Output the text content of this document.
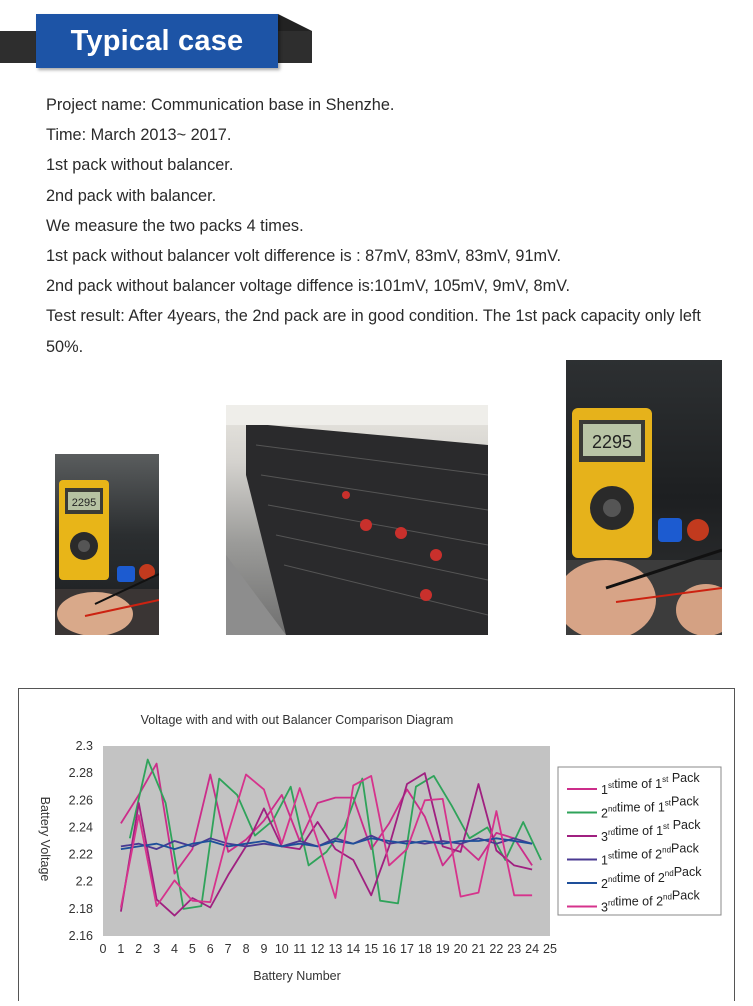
Typical case
Project name: Communication base in Shenzhe.
Time: March 2013~ 2017.
1st pack without balancer.
2nd pack with balancer.
We measure the two packs 4 times.
1st pack without balancer volt difference is : 87mV, 83mV, 83mV, 91mV.
2nd pack without balancer voltage diffence is:101mV, 105mV, 9mV, 8mV.
Test result: After 4years, the 2nd pack are in good condition. The 1st pack capacity only left 50%.
2295
2295
Voltage with and with out Balancer Comparison Diagram
2.3
2.28
2.26
2.24
2.22
2.2
2.18
2.16
0 1 2 3 4 5 6 7 8 9 10 11 12 13 14 15 16 17 18 19 20 21 22 23 24 25
Battery Voltage
Battery Number
1sttime of 1st Pack
2ndtime of 1stPack
3rdtime of 1st Pack
1sttime of 2ndPack
2ndtime of 2ndPack
3rdtime of 2ndPack
